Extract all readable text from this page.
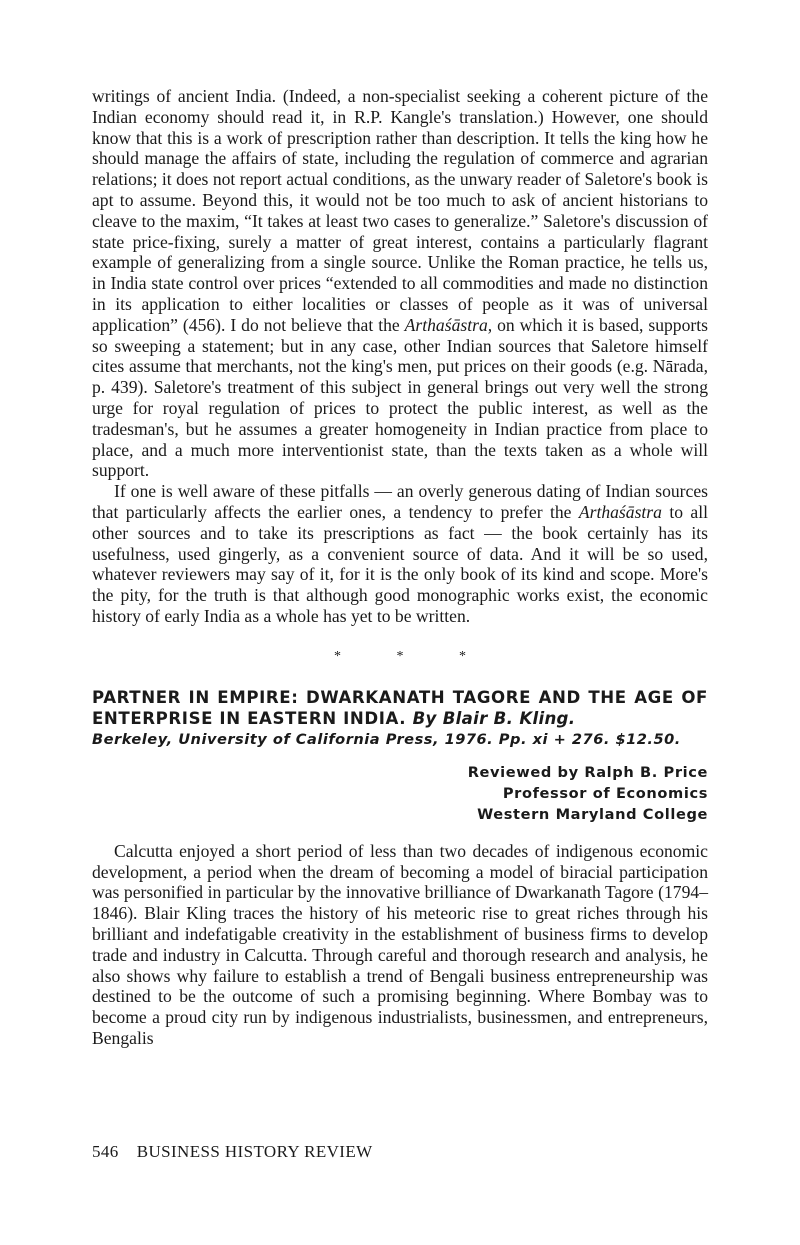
writings of ancient India. (Indeed, a non-specialist seeking a coherent picture of the Indian economy should read it, in R.P. Kangle's translation.) However, one should know that this is a work of prescription rather than description. It tells the king how he should manage the affairs of state, including the regulation of commerce and agrarian relations; it does not report actual conditions, as the unwary reader of Saletore's book is apt to assume. Beyond this, it would not be too much to ask of ancient historians to cleave to the maxim, “It takes at least two cases to generalize.” Saletore's discussion of state price-fixing, surely a matter of great interest, contains a particularly flagrant example of generalizing from a single source. Unlike the Roman practice, he tells us, in India state control over prices “extended to all commodities and made no distinction in its application to either localities or classes of people as it was of universal application” (456). I do not believe that the Arthaśāstra, on which it is based, supports so sweeping a statement; but in any case, other Indian sources that Saletore himself cites assume that merchants, not the king's men, put prices on their goods (e.g. Nārada, p. 439). Saletore's treatment of this subject in general brings out very well the strong urge for royal regulation of prices to protect the public interest, as well as the tradesman's, but he assumes a greater homogeneity in Indian practice from place to place, and a much more interventionist state, than the texts taken as a whole will support.

If one is well aware of these pitfalls — an overly generous dating of Indian sources that particularly affects the earlier ones, a tendency to prefer the Arthaśāstra to all other sources and to take its prescriptions as fact — the book certainly has its usefulness, used gingerly, as a convenient source of data. And it will be so used, whatever reviewers may say of it, for it is the only book of its kind and scope. More's the pity, for the truth is that although good monographic works exist, the economic history of early India as a whole has yet to be written.

* * *

PARTNER IN EMPIRE: DWARKANATH TAGORE AND THE AGE OF ENTERPRISE IN EASTERN INDIA. By Blair B. Kling.

Berkeley, University of California Press, 1976. Pp. xi + 276. $12.50.

Reviewed by Ralph B. Price
Professor of Economics
Western Maryland College

Calcutta enjoyed a short period of less than two decades of indigenous economic development, a period when the dream of becoming a model of biracial participation was personified in particular by the innovative brilliance of Dwarkanath Tagore (1794–1846). Blair Kling traces the history of his meteoric rise to great riches through his brilliant and indefatigable creativity in the establishment of business firms to develop trade and industry in Calcutta. Through careful and thorough research and analysis, he also shows why failure to establish a trend of Bengali business entrepreneurship was destined to be the outcome of such a promising beginning. Where Bombay was to become a proud city run by indigenous industrialists, businessmen, and entrepreneurs, Bengalis

546 BUSINESS HISTORY REVIEW
